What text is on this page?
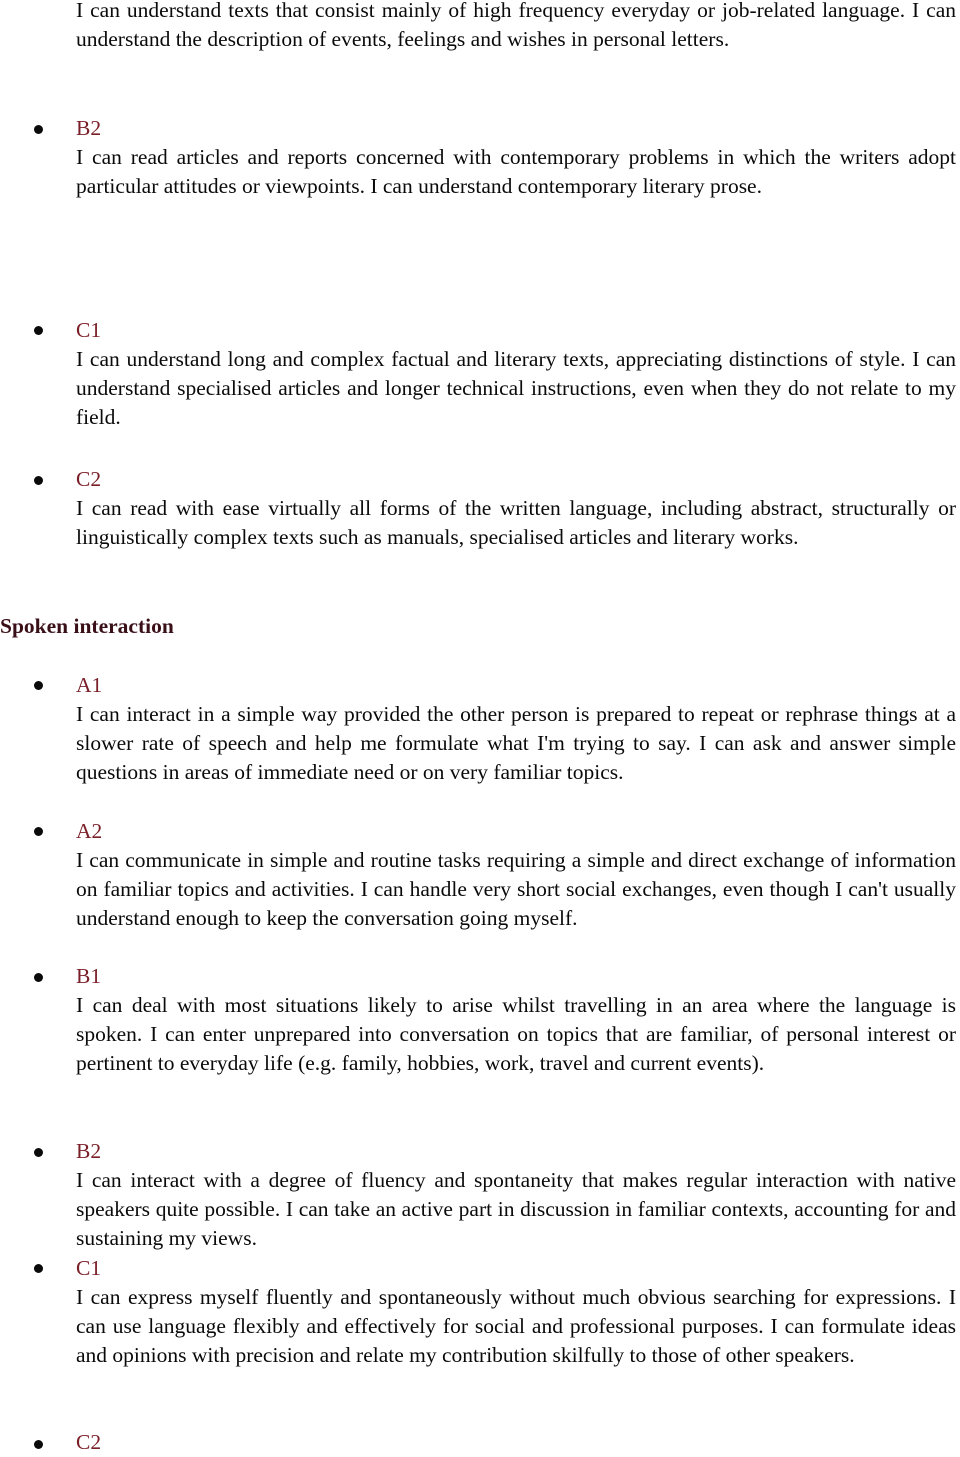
I can understand texts that consist mainly of high frequency everyday or job-related language. I can understand the description of events, feelings and wishes in personal letters.

B2

I can read articles and reports concerned with contemporary problems in which the writers adopt particular attitudes or viewpoints. I can understand contemporary literary prose.

C1

I can understand long and complex factual and literary texts, appreciating distinctions of style. I can understand specialised articles and longer technical instructions, even when they do not relate to my field.

C2

I can read with ease virtually all forms of the written language, including abstract, structurally or linguistically complex texts such as manuals, specialised articles and literary works.

Spoken interaction

A1

I can interact in a simple way provided the other person is prepared to repeat or rephrase things at a slower rate of speech and help me formulate what I'm trying to say. I can ask and answer simple questions in areas of immediate need or on very familiar topics.

A2

I can communicate in simple and routine tasks requiring a simple and direct exchange of information on familiar topics and activities. I can handle very short social exchanges, even though I can't usually understand enough to keep the conversation going myself.

B1

I can deal with most situations likely to arise whilst travelling in an area where the language is spoken. I can enter unprepared into conversation on topics that are familiar, of personal interest or pertinent to everyday life (e.g. family, hobbies, work, travel and current events).

B2

I can interact with a degree of fluency and spontaneity that makes regular interaction with native speakers quite possible. I can take an active part in discussion in familiar contexts, accounting for and sustaining my views.

C1

I can express myself fluently and spontaneously without much obvious searching for expressions. I can use language flexibly and effectively for social and professional purposes. I can formulate ideas and opinions with precision and relate my contribution skilfully to those of other speakers.

C2
